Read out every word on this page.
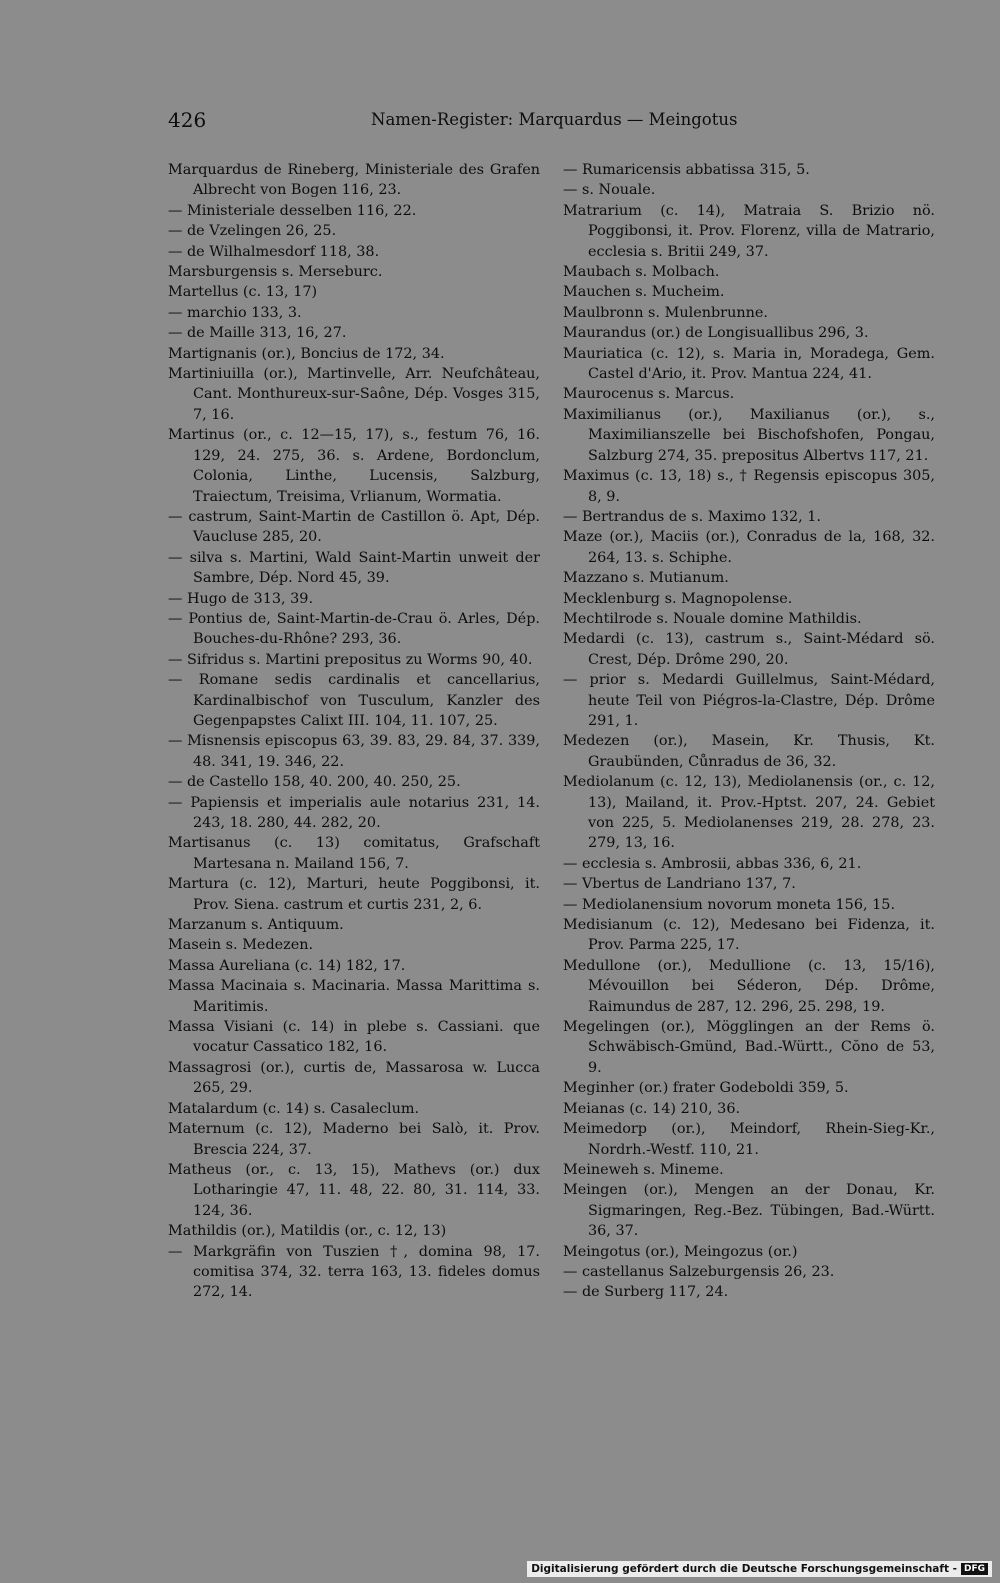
426	Namen-Register: Marquardus — Meingotus

Marquardus de Rineberg, Ministeriale des Grafen Albrecht von Bogen 116, 23.

— Ministeriale desselben 116, 22.

— de Vzelingen 26, 25.

— de Wilhalmesdorf 118, 38.

Marsburgensis s. Merseburc.

Martellus (c. 13, 17)

— marchio 133, 3.

— de Maille 313, 16, 27.

Martignanis (or.), Boncius de 172, 34.

Martiniuilla (or.), Martinvelle, Arr. Neufchâteau, Cant. Monthureux-sur-Saône, Dép. Vosges 315, 7, 16.

Martinus (or., c. 12—15, 17), s., festum 76, 16. 129, 24. 275, 36. s. Ardene, Bordonclum, Colonia, Linthe, Lucensis, Salzburg, Traiectum, Treisima, Vrlianum, Wormatia.

— castrum, Saint-Martin de Castillon ö. Apt, Dép. Vaucluse 285, 20.

— silva s. Martini, Wald Saint-Martin unweit der Sambre, Dép. Nord 45, 39.

— Hugo de 313, 39.

— Pontius de, Saint-Martin-de-Crau ö. Arles, Dép. Bouches-du-Rhône? 293, 36.

— Sifridus s. Martini prepositus zu Worms 90, 40.

— Romane sedis cardinalis et cancellarius, Kardinalbischof von Tusculum, Kanzler des Gegenpapstes Calixt III. 104, 11. 107, 25.

— Misnensis episcopus 63, 39. 83, 29. 84, 37. 339, 48. 341, 19. 346, 22.

— de Castello 158, 40. 200, 40. 250, 25.

— Papiensis et imperialis aule notarius 231, 14. 243, 18. 280, 44. 282, 20.

Martisanus (c. 13) comitatus, Grafschaft Martesana n. Mailand 156, 7.

Martura (c. 12), Marturi, heute Poggibonsi, it. Prov. Siena. castrum et curtis 231, 2, 6.

Marzanum s. Antiquum.

Masein s. Medezen.

Massa Aureliana (c. 14) 182, 17.

Massa Macinaia s. Macinaria. Massa Marittima s. Maritimis.

Massa Visiani (c. 14) in plebe s. Cassiani. que vocatur Cassatico 182, 16.

Massagrosi (or.), curtis de, Massarosa w. Lucca 265, 29.

Matalardum (c. 14) s. Casaleclum.

Maternum (c. 12), Maderno bei Salò, it. Prov. Brescia 224, 37.

Matheus (or., c. 13, 15), Mathevs (or.) dux Lotharingie 47, 11. 48, 22. 80, 31. 114, 33. 124, 36.

Mathildis (or.), Matildis (or., c. 12, 13)

— Markgräfin von Tuszien †, domina 98, 17. comitisa 374, 32. terra 163, 13. fideles domus 272, 14.

— Rumaricensis abbatissa 315, 5.

— s. Nouale.

Matrarium (c. 14), Matraia S. Brizio nö. Poggibonsi, it. Prov. Florenz, villa de Matrario, ecclesia s. Britii 249, 37.

Maubach s. Molbach.

Mauchen s. Mucheim.

Maulbronn s. Mulenbrunne.

Maurandus (or.) de Longisuallibus 296, 3.

Mauriatica (c. 12), s. Maria in, Moradega, Gem. Castel d'Ario, it. Prov. Mantua 224, 41.

Maurocenus s. Marcus.

Maximilianus (or.), Maxilianus (or.), s., Maximilianszelle bei Bischofshofen, Pongau, Salzburg 274, 35. prepositus Albertvs 117, 21.

Maximus (c. 13, 18) s., † Regensis episcopus 305, 8, 9.

— Bertrandus de s. Maximo 132, 1.

Maze (or.), Maciis (or.), Conradus de la, 168, 32. 264, 13. s. Schiphe.

Mazzano s. Mutianum.

Mecklenburg s. Magnopolense.

Mechtilrode s. Nouale domine Mathildis.

Medardi (c. 13), castrum s., Saint-Médard sö. Crest, Dép. Drôme 290, 20.

— prior s. Medardi Guillelmus, Saint-Médard, heute Teil von Piégros-la-Clastre, Dép. Drôme 291, 1.

Medezen (or.), Masein, Kr. Thusis, Kt. Graubünden, Cůnradus de 36, 32.

Mediolanum (c. 12, 13), Mediolanensis (or., c. 12, 13), Mailand, it. Prov.-Hptst. 207, 24. Gebiet von 225, 5. Mediolanenses 219, 28. 278, 23. 279, 13, 16.

— ecclesia s. Ambrosii, abbas 336, 6, 21.

— Vbertus de Landriano 137, 7.

— Mediolanensium novorum moneta 156, 15.

Medisianum (c. 12), Medesano bei Fidenza, it. Prov. Parma 225, 17.

Medullone (or.), Medullione (c. 13, 15/16), Mévouillon bei Séderon, Dép. Drôme, Raimundus de 287, 12. 296, 25. 298, 19.

Megelingen (or.), Mögglingen an der Rems ö. Schwäbisch-Gmünd, Bad.-Württ., Cŏno de 53, 9.

Meginher (or.) frater Godeboldi 359, 5.

Meianas (c. 14) 210, 36.

Meimedorp (or.), Meindorf, Rhein-Sieg-Kr., Nordrh.-Westf. 110, 21.

Meineweh s. Mineme.

Meingen (or.), Mengen an der Donau, Kr. Sigmaringen, Reg.-Bez. Tübingen, Bad.-Württ. 36, 37.

Meingotus (or.), Meingozus (or.)

— castellanus Salzeburgensis 26, 23.

— de Surberg 117, 24.

Digitalisierung gefördert durch die Deutsche Forschungsgemeinschaft - DFG
